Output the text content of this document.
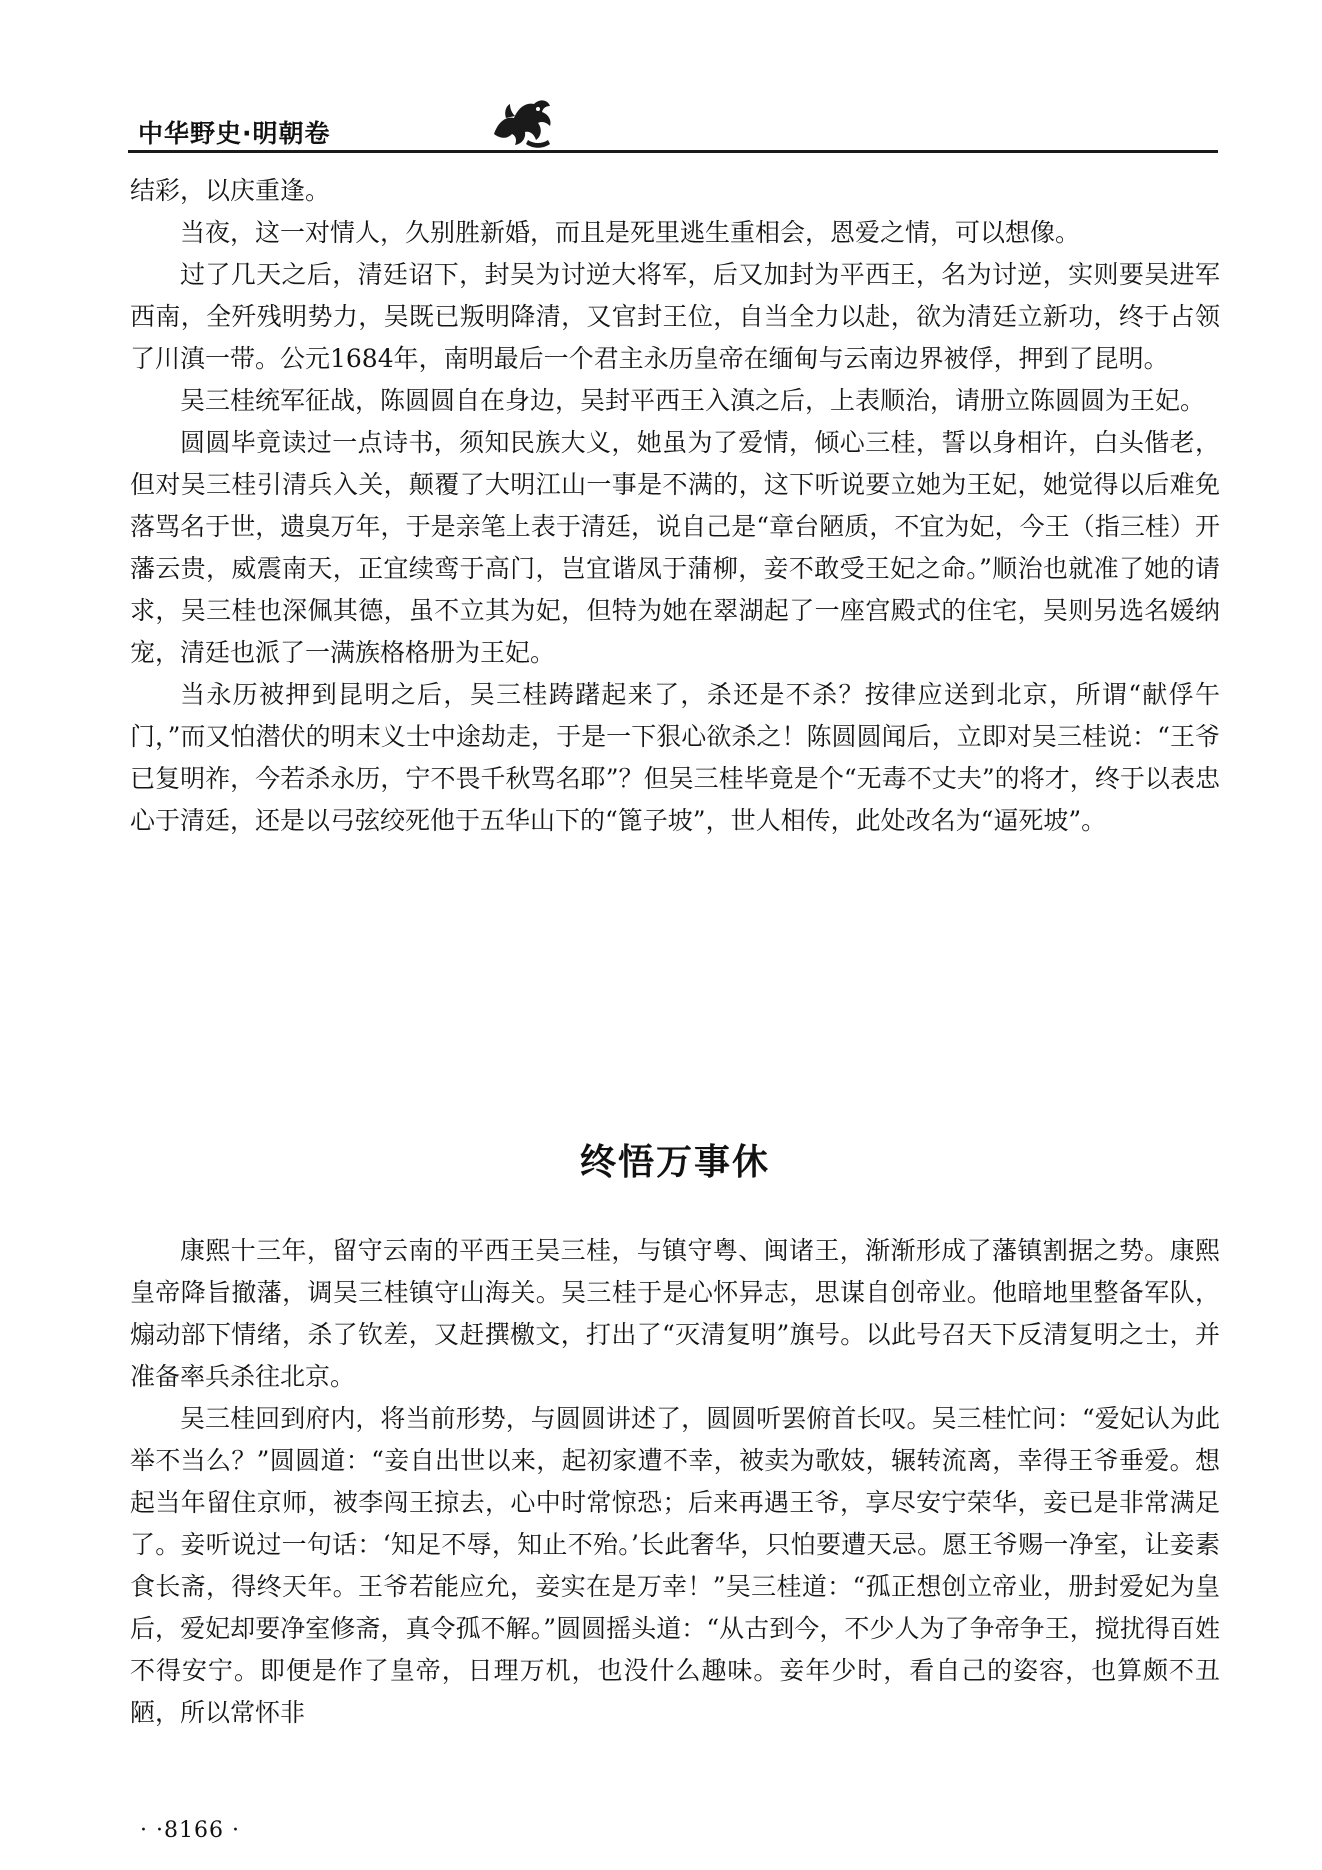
中华野史·明朝卷

结彩，以庆重逢。

当夜，这一对情人，久别胜新婚，而且是死里逃生重相会，恩爱之情，可以想像。

过了几天之后，清廷诏下，封吴为讨逆大将军，后又加封为平西王，名为讨逆，实则要吴进军西南，全歼残明势力，吴既已叛明降清，又官封王位，自当全力以赴，欲为清廷立新功，终于占领了川滇一带。公元1684年，南明最后一个君主永历皇帝在缅甸与云南边界被俘，押到了昆明。

吴三桂统军征战，陈圆圆自在身边，吴封平西王入滇之后，上表顺治，请册立陈圆圆为王妃。

圆圆毕竟读过一点诗书，须知民族大义，她虽为了爱情，倾心三桂，誓以身相许，白头偕老，但对吴三桂引清兵入关，颠覆了大明江山一事是不满的，这下听说要立她为王妃，她觉得以后难免落骂名于世，遗臭万年，于是亲笔上表于清廷，说自己是“章台陋质，不宜为妃，今王（指三桂）开藩云贵，威震南天，正宜续鸾于高门，岂宜谐凤于蒲柳，妾不敢受王妃之命。”顺治也就准了她的请求，吴三桂也深佩其德，虽不立其为妃，但特为她在翠湖起了一座宫殿式的住宅，吴则另选名媛纳宠，清廷也派了一满族格格册为王妃。

当永历被押到昆明之后，吴三桂踌躇起来了，杀还是不杀？按律应送到北京，所谓“献俘午门，”而又怕潜伏的明末义士中途劫走，于是一下狠心欲杀之！陈圆圆闻后，立即对吴三桂说：“王爷已复明祚，今若杀永历，宁不畏千秋骂名耶”？但吴三桂毕竟是个“无毒不丈夫”的将才，终于以表忠心于清廷，还是以弓弦绞死他于五华山下的“篦子坡”，世人相传，此处改名为“逼死坡”。

终悟万事休

康熙十三年，留守云南的平西王吴三桂，与镇守粤、闽诸王，渐渐形成了藩镇割据之势。康熙皇帝降旨撤藩，调吴三桂镇守山海关。吴三桂于是心怀异志，思谋自创帝业。他暗地里整备军队，煽动部下情绪，杀了钦差，又赶撰檄文，打出了“灭清复明”旗号。以此号召天下反清复明之士，并准备率兵杀往北京。

吴三桂回到府内，将当前形势，与圆圆讲述了，圆圆听罢俯首长叹。吴三桂忙问：“爱妃认为此举不当么？”圆圆道：“妾自出世以来，起初家遭不幸，被卖为歌妓，辗转流离，幸得王爷垂爱。想起当年留住京师，被李闯王掠去，心中时常惊恐；后来再遇王爷，享尽安宁荣华，妾已是非常满足了。妾听说过一句话：‘知足不辱，知止不殆。’长此奢华，只怕要遭天忌。愿王爷赐一净室，让妾素食长斋，得终天年。王爷若能应允，妾实在是万幸！”吴三桂道：“孤正想创立帝业，册封爱妃为皇后，爱妃却要净室修斋，真令孤不解。”圆圆摇头道：“从古到今，不少人为了争帝争王，搅扰得百姓不得安宁。即便是作了皇帝，日理万机，也没什么趣味。妾年少时，看自己的姿容，也算颇不丑陋，所以常怀非

· ·8166 ·
